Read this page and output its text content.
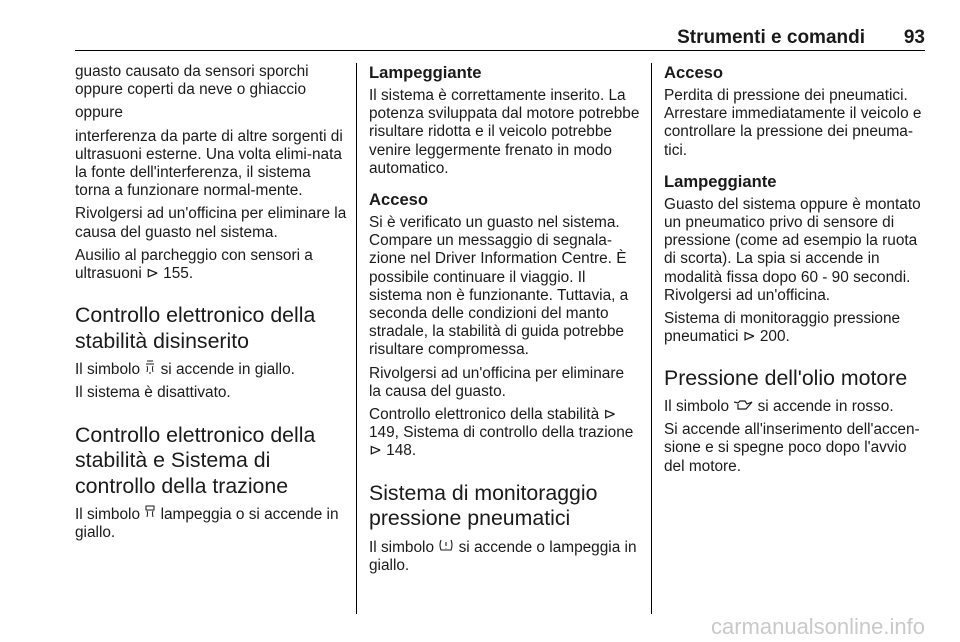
Strumenti e comandi 93

guasto causato da sensori sporchi oppure coperti da neve o ghiaccio

oppure

interferenza da parte di altre sorgenti di ultrasuoni esterne. Una volta elimi-nata la fonte dell'interferenza, il sistema torna a funzionare normal-mente.

Rivolgersi ad un'officina per eliminare la causa del guasto nel sistema.

Ausilio al parcheggio con sensori a ultrasuoni ⊳ 155.

Controllo elettronico della stabilità disinserito

Il simbolo si accende in giallo.

Il sistema è disattivato.

Controllo elettronico della stabilità e Sistema di controllo della trazione

Il simbolo lampeggia o si accende in giallo.

Lampeggiante

Il sistema è correttamente inserito. La potenza sviluppata dal motore potrebbe risultare ridotta e il veicolo potrebbe venire leggermente frenato in modo automatico.

Acceso

Si è verificato un guasto nel sistema. Compare un messaggio di segnala-zione nel Driver Information Centre. È possibile continuare il viaggio. Il sistema non è funzionante. Tuttavia, a seconda delle condizioni del manto stradale, la stabilità di guida potrebbe risultare compromessa.

Rivolgersi ad un'officina per eliminare la causa del guasto.

Controllo elettronico della stabilità ⊳ 149, Sistema di controllo della trazione ⊳ 148.

Sistema di monitoraggio pressione pneumatici

Il simbolo si accende o lampeggia in giallo.

Acceso

Perdita di pressione dei pneumatici. Arrestare immediatamente il veicolo e controllare la pressione dei pneuma-tici.

Lampeggiante

Guasto del sistema oppure è montato un pneumatico privo di sensore di pressione (come ad esempio la ruota di scorta). La spia si accende in modalità fissa dopo 60 - 90 secondi. Rivolgersi ad un'officina.

Sistema di monitoraggio pressione pneumatici ⊳ 200.

Pressione dell'olio motore

Il simbolo si accende in rosso.

Si accende all'inserimento dell'accen-sione e si spegne poco dopo l'avvio del motore.

carmanualsonline.info
